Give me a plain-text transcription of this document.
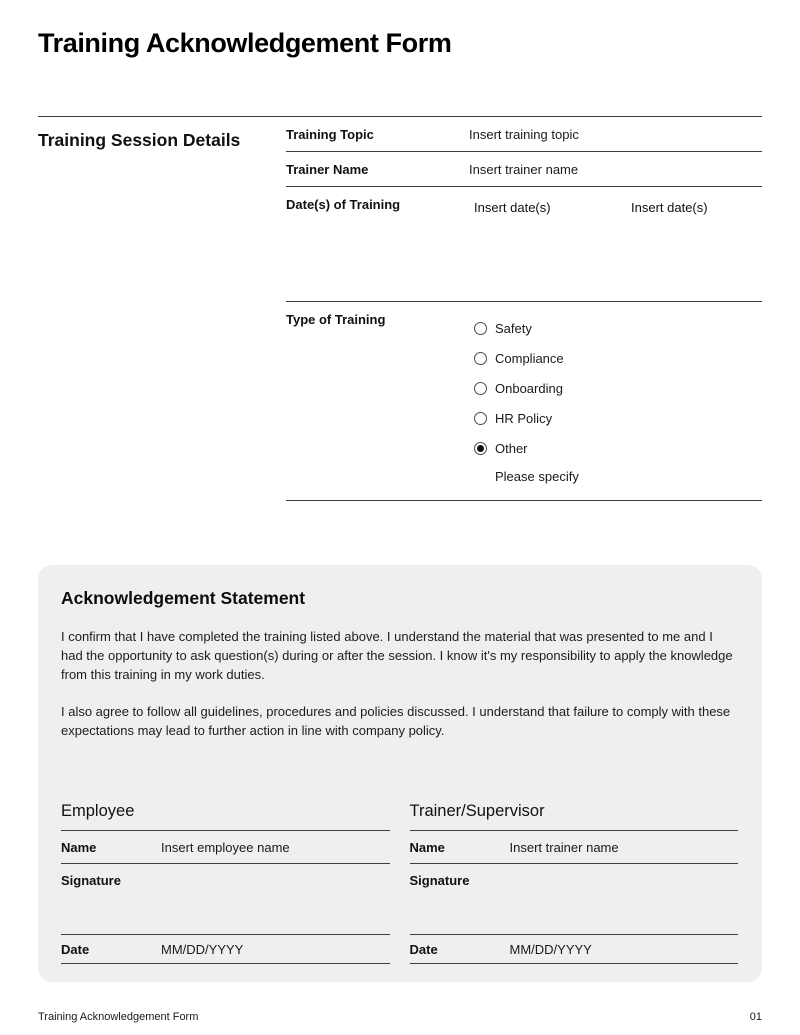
Training Acknowledgement Form
Training Session Details	Training Topic	Insert training topic
Trainer Name	Insert trainer name
Date(s) of Training	Insert date(s)	Insert date(s)
Type of Training
Safety
Compliance
Onboarding
HR Policy
Other
Please specify
Acknowledgement Statement

I confirm that I have completed the training listed above. I understand the material that was presented to me and I had the opportunity to ask question(s) during or after the session. I know it's my responsibility to apply the knowledge from this training in my work duties.

I also agree to follow all guidelines, procedures and policies discussed. I understand that failure to comply with these expectations may lead to further action in line with company policy.

Employee
Name	Insert employee name
Signature
Date	MM/DD/YYYY
Trainer/Supervisor
Name	Insert trainer name
Signature
Date	MM/DD/YYYY
Training Acknowledgement Form	01
